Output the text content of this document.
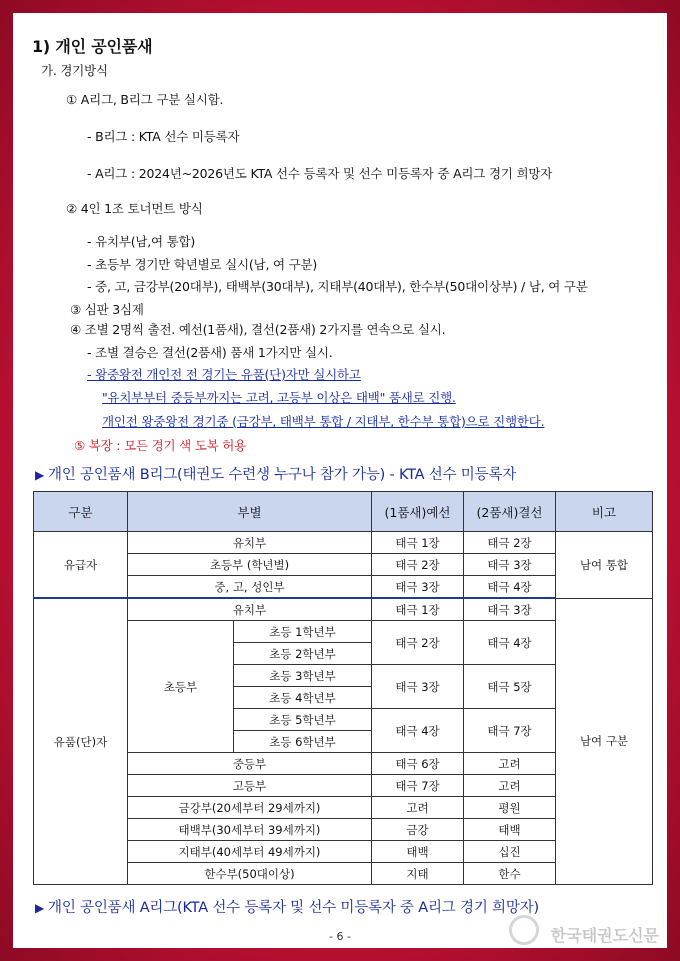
1) 개인 공인품새
가. 경기방식
① A리그, B리그 구분 실시함.
- B리그 : KTA 선수 미등록자
- A리그 : 2024년~2026년도 KTA 선수 등록자 및 선수 미등록자 중 A리그 경기 희망자
② 4인 1조 토너먼트 방식
- 유치부(남,여 통합)
- 초등부 경기만 학년별로 실시(남, 여 구분)
- 중, 고, 금강부(20대부), 태백부(30대부), 지태부(40대부), 한수부(50대이상부) / 남, 여 구분
③ 심판 3심제
④ 조별 2명씩 출전. 예선(1품새), 결선(2품새) 2가지를 연속으로 실시.
- 조별 결승은 결선(2품새) 품새 1가지만 실시.
- 왕중왕전 개인전 전 경기는 유품(단)자만 실시하고
"유치부부터 중등부까지는 고려, 고등부 이상은 태백" 품새로 진행.
개인전 왕중왕전 경기중 (금강부, 태백부 통합 / 지태부, 한수부 통합)으로 진행한다.
⑤ 복장 : 모든 경기 색 도복 허용
▶ 개인 공인품새 B리그(태권도 수련생 누구나 참가 가능) - KTA 선수 미등록자
구분	부별		(1품새)예선	(2품새)결선	비고
유급자	유치부		태극 1장	태극 2장	남여 통합
	초등부 (학년별)		태극 2장	태극 3장	
	중, 고, 성인부		태극 3장	태극 4장	
유품(단)자	유치부		태극 1장	태극 3장	남여 구분
	초등부	초등 1학년부	태극 2장	태극 4장	
		초등 2학년부			
		초등 3학년부	태극 3장	태극 5장	
		초등 4학년부			
		초등 5학년부	태극 4장	태극 7장	
		초등 6학년부			
	중등부		태극 6장	고려	
	고등부		태극 7장	고려	
	금강부(20세부터 29세까지)		고려	평원	
	태백부(30세부터 39세까지)		금강	태백	
	지태부(40세부터 49세까지)		태백	십진	
	한수부(50대이상)		지태	한수	
▶ 개인 공인품새 A리그(KTA 선수 등록자 및 선수 미등록자 중 A리그 경기 희망자)
- 6 -	한국태권도신문
